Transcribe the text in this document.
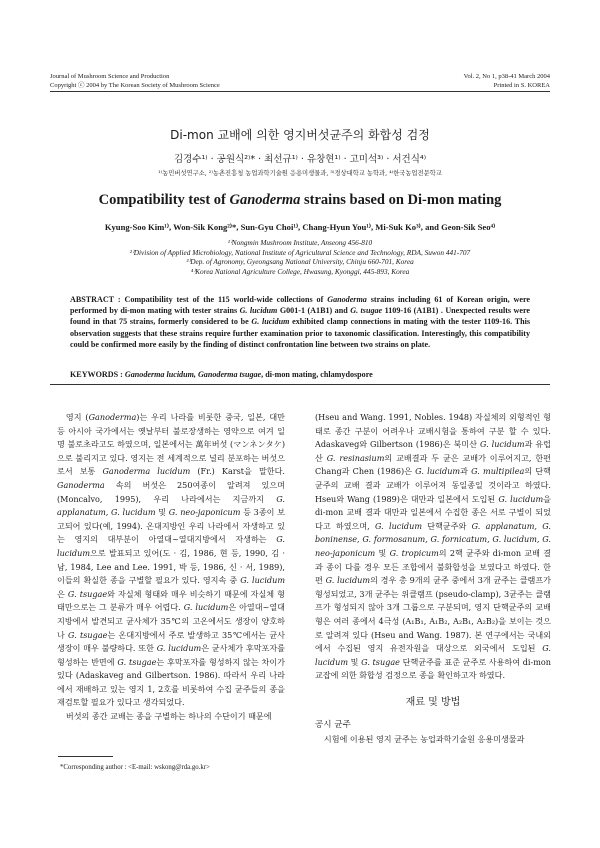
Journal of Mushroom Science and Production
Copyright ⓒ 2004 by The Korean Society of Mushroom Science
Vol. 2, No 1, p38-41 March 2004
Printed in S. KOREA
Di-mon 교배에 의한 영지버섯균주의 화합성 검정
김경수¹⁾ · 공원식²⁾* · 최선규¹⁾ · 유창현¹⁾ · 고미석³⁾ · 서건식⁴⁾
¹⁾농민버섯연구소, ²⁾농촌진흥청 농업과학기술원 응용미생물과, ³⁾경상대학교 농학과, ⁴⁾한국농업전문학교
Compatibility test of Ganoderma strains based on Di-mon mating
Kyung-Soo Kim¹⁾, Won-Sik Kong²⁾*, Sun-Gyu Choi¹⁾, Chang-Hyun You¹⁾, Mi-Suk Ko³⁾, and Geon-Sik Seo⁴⁾
¹⁾Nongmin Mushroom Institute, Anseong 456-810
²⁾Division of Applied Microbiology, National Institute of Agricultural Science and Technology, RDA, Suwon 441-707
³⁾Dep. of Agronomy, Gyeongsang National University, Chinju 660-701, Korea
⁴⁾Korea National Agriculture College, Hwasung, Kyonggi, 445-893, Korea
ABSTRACT : Compatibility test of the 115 world-wide collections of Ganoderma strains including 61 of Korean origin, were performed by di-mon mating with tester strains G. lucidum G001-1 (A1B1) and G. tsugae 1109-16 (A1B1) . Unexpected results were found in that 75 strains, formerly considered to be G. lucidum exhibited clamp connections in mating with the tester 1109-16. This observation suggests that these strains require further examination prior to taxonomic classification. Interestingly, this compatibility could be confirmed more easily by the finding of distinct confrontation line between two strains on plate.
KEYWORDS : Ganoderma lucidum, Ganoderma tsugae, di-mon mating, chlamydospore

영지 (Ganoderma)는 우리 나라를 비롯한 중국, 일본, 대만 등 아시아 국가에서는 옛날부터 불로장생하는 영약으로 여겨 일명 불로초라고도 하였으며, 일본에서는 萬年버섯 (マンネンタケ)으로 불리지고 있다. 영지는 전 세계적으로 널리 분포하는 버섯으로서 보통 Ganoderma lucidum (Fr.) Karst을 말한다. Ganoderma 속의 버섯은 250여종이 알려져 있으며(Moncalvo, 1995), 우리 나라에서는 지금까지 G. applanatum, G. lucidum 및 G. neo-japonicum 등 3종이 보고되어 있다(예, 1994). 온대지방인 우리 나라에서 자생하고 있는 영지의 대부분이 아열대~열대지방에서 자생하는 G. lucidum으로 발표되고 있어(도 · 김, 1986, 현 등, 1990, 김 · 남, 1984, Lee and Lee. 1991, 박 등, 1986, 신 · 서, 1989), 이들의 확실한 종을 구별할 필요가 있다. 영지속 중 G. lucidum은 G. tsugae와 자실체 형태와 매우 비슷하기 때문에 자실체 형태만으로는 그 분류가 매우 어렵다. G. lucidum은 아열대~열대지방에서 발견되고 균사체가 35℃의 고온에서도 생장이 양호하나 G. tsugae는 온대지방에서 주로 발생하고 35℃에서는 균사 생장이 매우 불량하다. 또한 G. lucidum은 균사체가 후막포자를 형성하는 반면에 G. tsugae는 후막포자를 형성하지 않는 차이가 있다 (Adaskaveg and Gilbertson. 1986). 따라서 우리 나라에서 재배하고 있는 영지 1, 2호를 비롯하여 수집 균주들의 종을 재검토할 필요가 있다고 생각되었다.

버섯의 종간 교배는 종을 구별하는 하나의 수단이기 때문에

(Hseu and Wang. 1991, Nobles. 1948) 자실체의 외형적인 형태로 종간 구분이 어려우나 교배시험을 통하여 구분 할 수 있다. Adaskaveg와 Gilbertson (1986)은 북미산 G. lucidum과 유럽산 G. resinasium의 교배결과 두 균은 교배가 이루어지고, 한편 Chang과 Chen (1986)은 G. lucidum과 G. multipilea의 단핵균주의 교배 결과 교배가 이루어져 동일종일 것이라고 하였다. Hseu와 Wang (1989)은 대만과 일본에서 도입된 G. lucidum을 di-mon 교배 결과 대만과 일본에서 수집한 종은 서로 구별이 되었다고 하였으며, G. lucidum 단핵균주와 G. applanatum, G. boninense, G. formosanum, G. fornicatum, G. lucidum, G. neo-japonicum 및 G. tropicum의 2핵 균주와 di-mon 교배 결과 종이 다를 경우 모든 조합에서 불화합성을 보였다고 하였다. 한편 G. lucidum의 경우 총 9개의 균주 중에서 3개 균주는 클램프가 형성되었고, 3개 균주는 위클램프 (pseudo-clamp), 3균주는 클램프가 형성되지 않아 3개 그룹으로 구분되며, 영지 단핵균주의 교배형은 여러 종에서 4극성 (A₁B₁, A₁B₂, A₂B₁, A₂B₂)을 보이는 것으로 알려져 있다 (Hseu and Wang. 1987). 본 연구에서는 국내외에서 수집된 영지 유전자원을 대상으로 외국에서 도입된 G. lucidum 및 G. tsugae 단핵균주를 표준 균주로 사용하여 di-mon 교잡에 의한 화합성 검정으로 종을 확인하고자 하였다.

재료 및 방법

공시 균주

시험에 이용된 영지 균주는 농업과학기술원 응용미생물과

*Corresponding author : <E-mail: wskong@rda.go.kr>
